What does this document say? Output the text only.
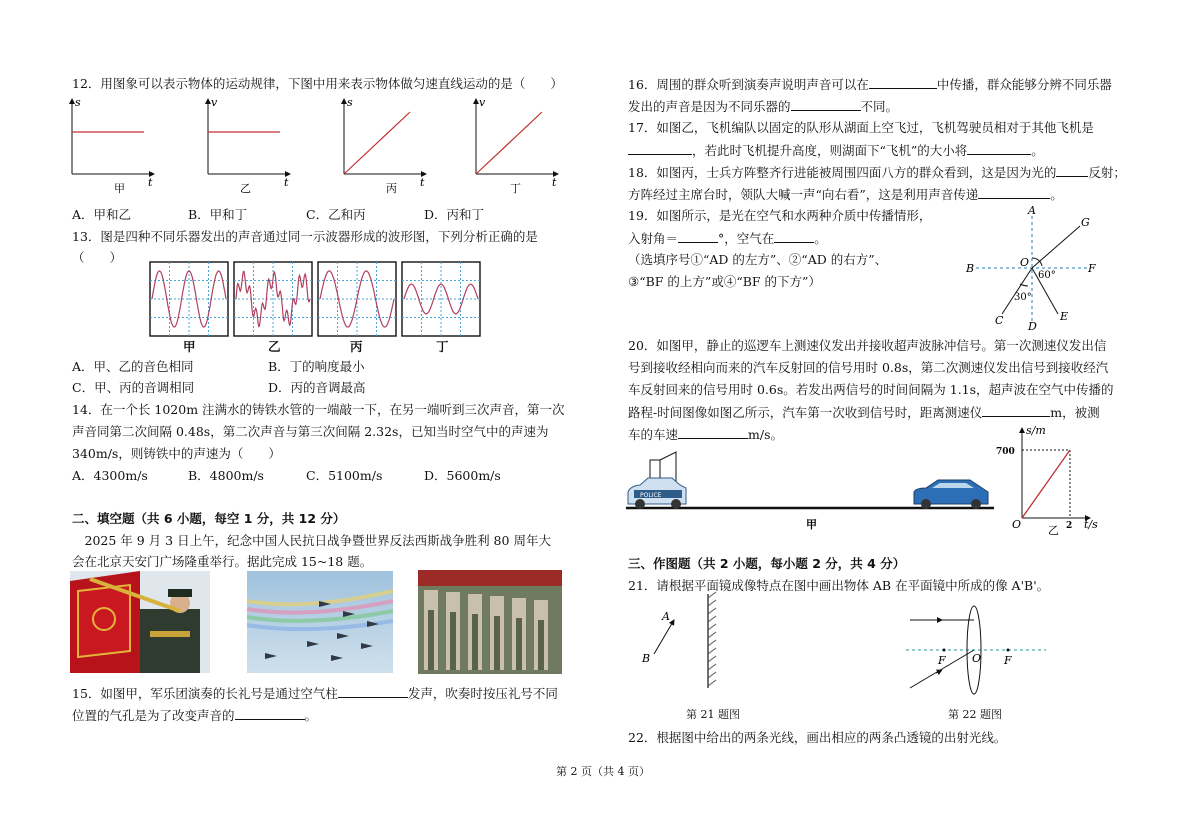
12．用图象可以表示物体的运动规律，下图中用来表示物体做匀速直线运动的是（　　）
s
t
甲
v
t
乙
s
t
丙
v
t
丁
A．甲和乙	B．甲和丁	C．乙和丙	D．丙和丁
13．图是四种不同乐器发出的声音通过同一示波器形成的波形图，下列分析正确的是
（　　）
甲	乙	丙	丁
A．甲、乙的音色相同	B．丁的响度最小
C．甲、丙的音调相同	D．丙的音调最高
14．在一个长 1020m 注满水的铸铁水管的一端敲一下，在另一端听到三次声音，第一次
声音同第二次间隔 0.48s，第二次声音与第三次间隔 2.32s，已知当时空气中的声速为
340m/s，则铸铁中的声速为（　　）
A．4300m/s	B．4800m/s	C．5100m/s	D．5600m/s
二、填空题（共 6 小题，每空 1 分，共 12 分）
　2025 年 9 月 3 日上午，纪念中国人民抗日战争暨世界反法西斯战争胜利 80 周年大
会在北京天安门广场隆重举行。据此完成 15~18 题。
15．如图甲，军乐团演奏的长礼号是通过空气柱	发声，吹奏时按压礼号不同
位置的气孔是为了改变声音的	。
16．周围的群众听到演奏声说明声音可以在	中传播，群众能够分辨不同乐器
发出的声音是因为不同乐器的	不同。
17．如图乙，飞机编队以固定的队形从湖面上空飞过，飞机驾驶员相对于其他飞机是
，若此时飞机提升高度，则湖面下“飞机”的大小将	。
18．如图丙，士兵方阵整齐行进能被周围四面八方的群众看到，这是因为光的	反射；
方阵经过主席台时，领队大喊一声“向右看”，这是利用声音传递	。
19．如图所示，是光在空气和水两种介质中传播情形，
入射角＝	°，空气在	。
（选填序号①“AD 的左方”、②“AD 的右方”、
③“BF 的上方”或④“BF 的下方”）
A
G
B	O	F
C D
E
60°
30°
20．如图甲，静止的巡逻车上测速仪发出并接收超声波脉冲信号。第一次测速仪发出信
号到接收经相向而来的汽车反射回的信号用时 0.8s，第二次测速仪发出信号到接收经汽
车反射回来的信号用时 0.6s。若发出两信号的时间间隔为 1.1s，超声波在空气中传播的
路程-时间图像如图乙所示，汽车第一次收到信号时，距离测速仪	m，被测
车的车速	m/s。
POLICE
甲
s/m
700
O	2 t/s
乙
三、作图题（共 2 小题，每小题 2 分，共 4 分）
21．请根据平面镜成像特点在图中画出物体 AB 在平面镜中所成的像 A'B'。
A
B
第 21 题图
F O F
第 22 题图
22．根据图中给出的两条光线，画出相应的两条凸透镜的出射光线。
第 2 页（共 4 页）
